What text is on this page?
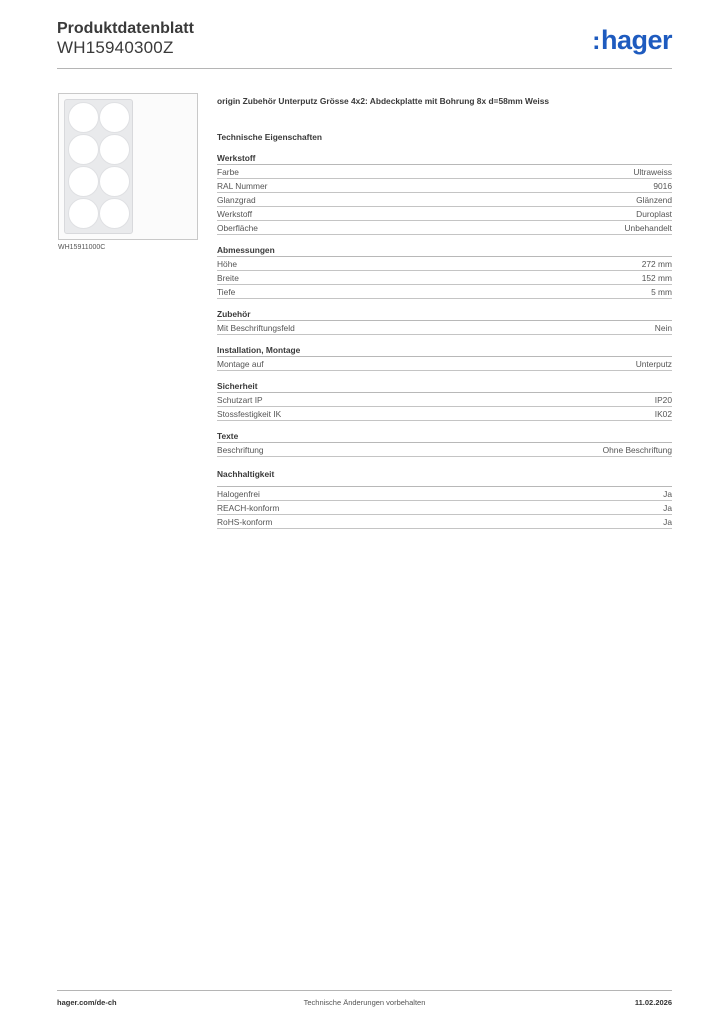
Produktdatenblatt
WH15940300Z	:hager
WH15911000C
origin Zubehör Unterputz Grösse 4x2: Abdeckplatte mit Bohrung 8x d=58mm Weiss
Technische Eigenschaften
Werkstoff
Farbe	Ultraweiss
RAL Nummer	9016
Glanzgrad	Glänzend
Werkstoff	Duroplast
Oberfläche	Unbehandelt
Abmessungen
Höhe	272 mm
Breite	152 mm
Tiefe	5 mm
Zubehör
Mit Beschriftungsfeld	Nein
Installation, Montage
Montage auf	Unterputz
Sicherheit
Schutzart IP	IP20
Stossfestigkeit IK	IK02
Texte
Beschriftung	Ohne Beschriftung
Nachhaltigkeit
Halogenfrei	Ja
REACH-konform	Ja
RoHS-konform	Ja
hager.com/de-ch	Technische Änderungen vorbehalten	11.02.2026
